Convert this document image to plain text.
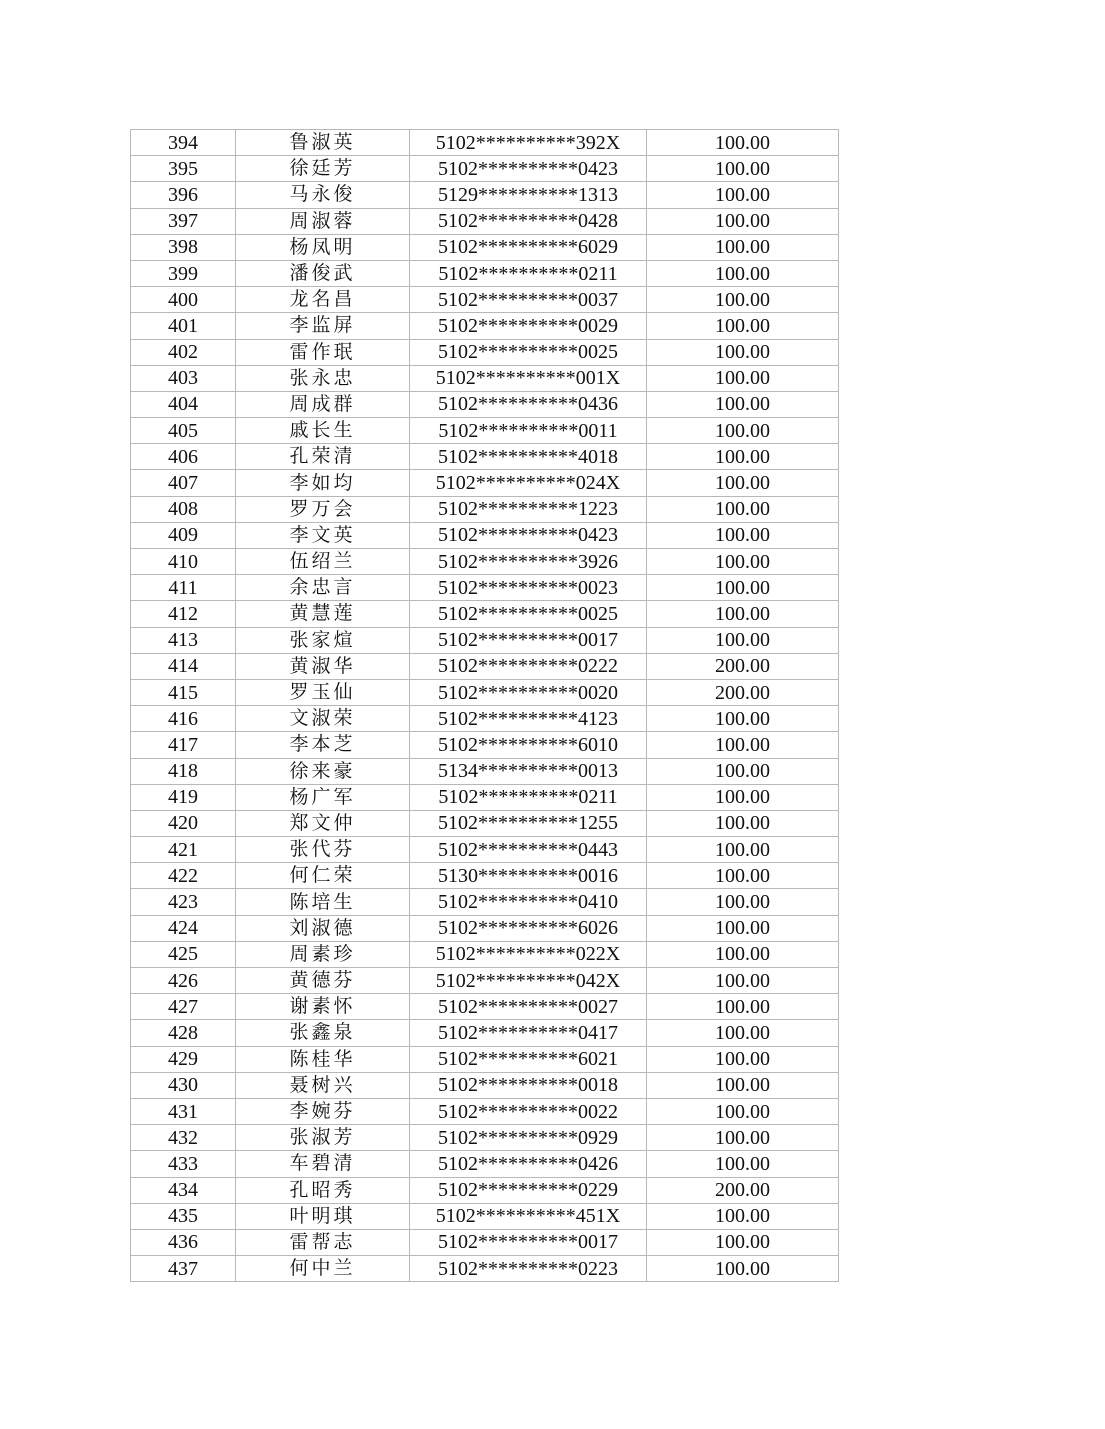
394	鲁淑英	5102**********392X	100.00
395	徐廷芳	5102**********0423	100.00
396	马永俊	5129**********1313	100.00
397	周淑蓉	5102**********0428	100.00
398	杨凤明	5102**********6029	100.00
399	潘俊武	5102**********0211	100.00
400	龙名昌	5102**********0037	100.00
401	李监屏	5102**********0029	100.00
402	雷作珉	5102**********0025	100.00
403	张永忠	5102**********001X	100.00
404	周成群	5102**********0436	100.00
405	戚长生	5102**********0011	100.00
406	孔荣清	5102**********4018	100.00
407	李如均	5102**********024X	100.00
408	罗万会	5102**********1223	100.00
409	李文英	5102**********0423	100.00
410	伍绍兰	5102**********3926	100.00
411	余忠言	5102**********0023	100.00
412	黄慧莲	5102**********0025	100.00
413	张家煊	5102**********0017	100.00
414	黄淑华	5102**********0222	200.00
415	罗玉仙	5102**********0020	200.00
416	文淑荣	5102**********4123	100.00
417	李本芝	5102**********6010	100.00
418	徐来豪	5134**********0013	100.00
419	杨广军	5102**********0211	100.00
420	郑文仲	5102**********1255	100.00
421	张代芬	5102**********0443	100.00
422	何仁荣	5130**********0016	100.00
423	陈培生	5102**********0410	100.00
424	刘淑德	5102**********6026	100.00
425	周素珍	5102**********022X	100.00
426	黄德芬	5102**********042X	100.00
427	谢素怀	5102**********0027	100.00
428	张鑫泉	5102**********0417	100.00
429	陈桂华	5102**********6021	100.00
430	聂树兴	5102**********0018	100.00
431	李婉芬	5102**********0022	100.00
432	张淑芳	5102**********0929	100.00
433	车碧清	5102**********0426	100.00
434	孔昭秀	5102**********0229	200.00
435	叶明琪	5102**********451X	100.00
436	雷帮志	5102**********0017	100.00
437	何中兰	5102**********0223	100.00
